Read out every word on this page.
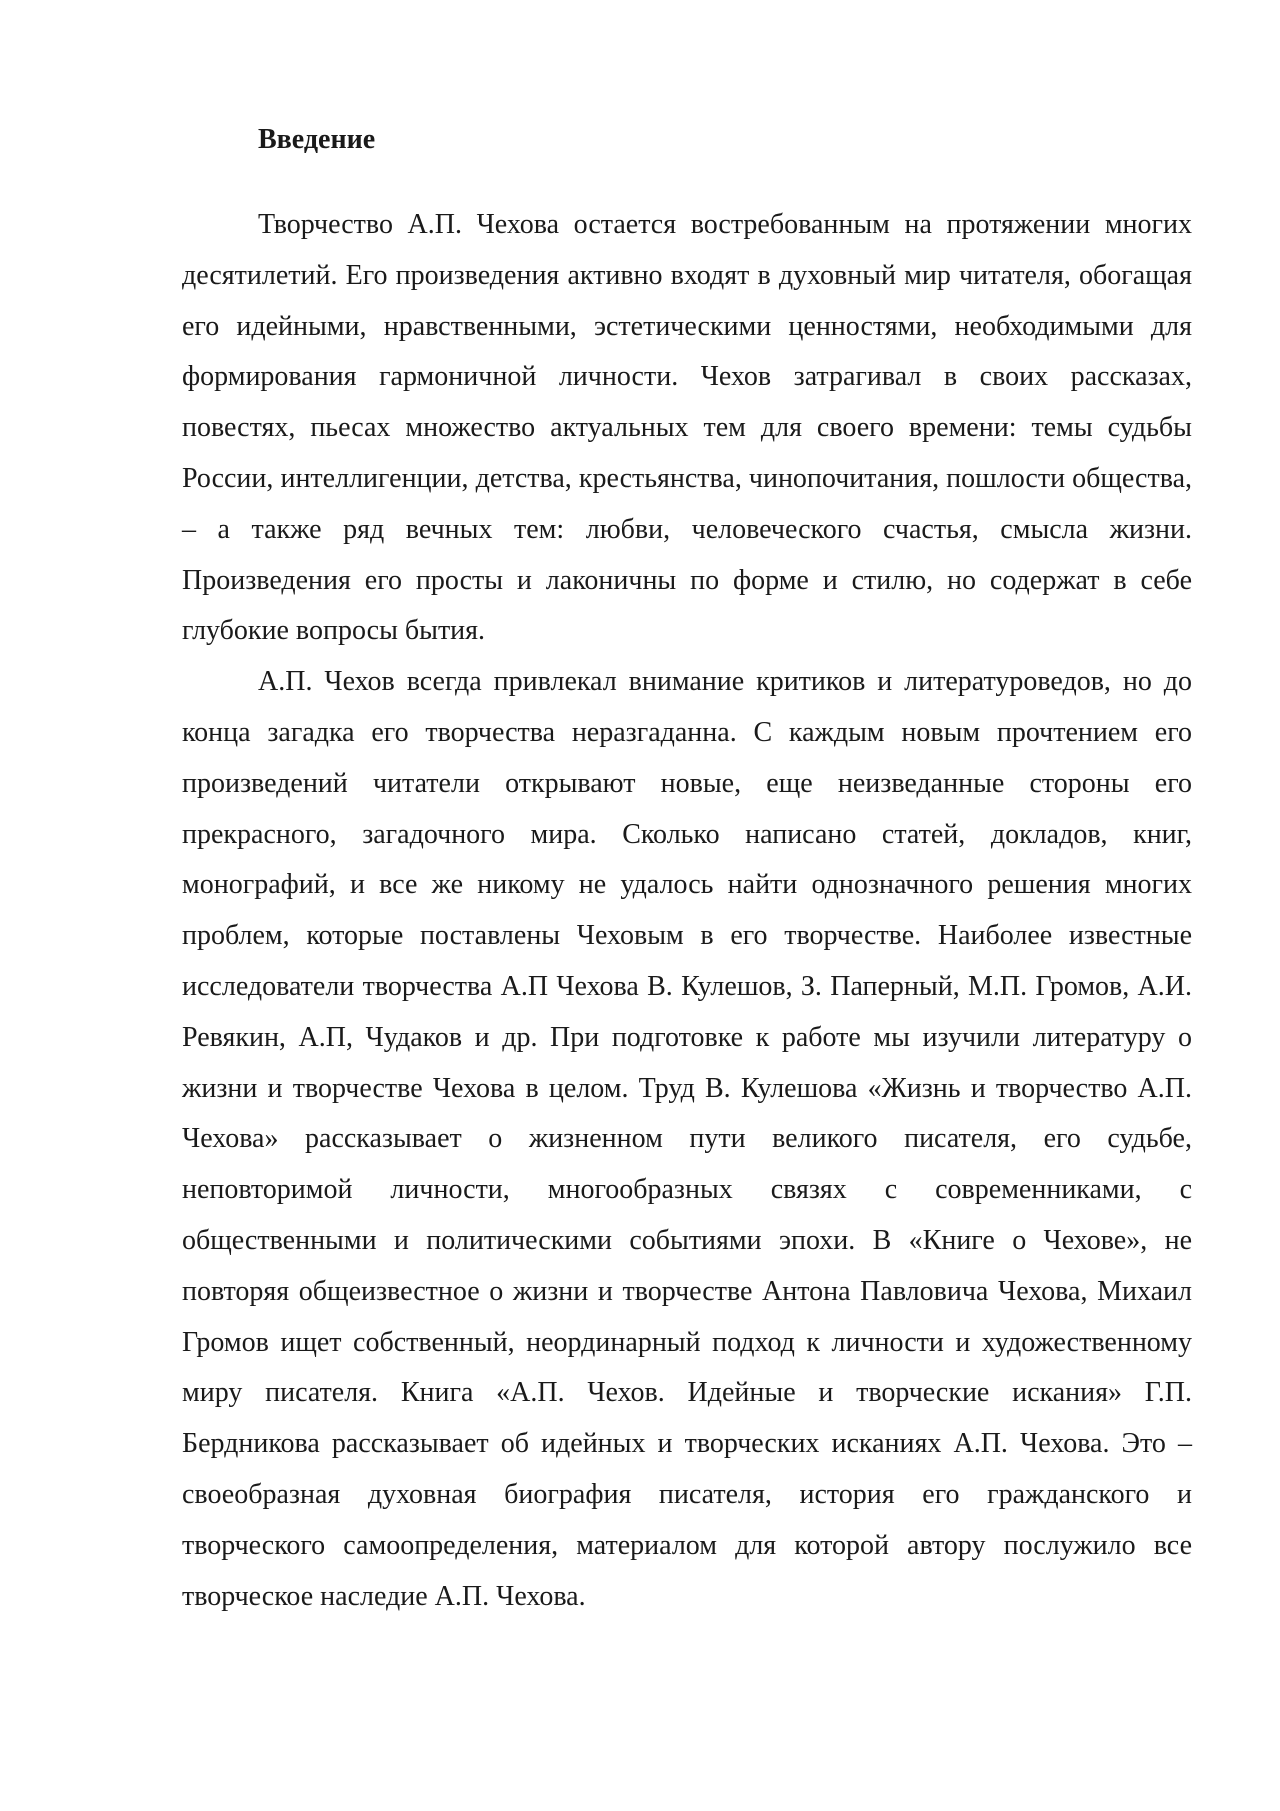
Введение

Творчество А.П. Чехова остается востребованным на протяжении многих десятилетий. Его произведения активно входят в духовный мир читателя, обогащая его идейными, нравственными, эстетическими ценностями, необходимыми для формирования гармоничной личности. Чехов затрагивал в своих рассказах, повестях, пьесах множество актуальных тем для своего времени: темы судьбы России, интеллигенции, детства, крестьянства, чинопочитания, пошлости общества, – а также ряд вечных тем: любви, человеческого счастья, смысла жизни. Произведения его просты и лаконичны по форме и стилю, но содержат в себе глубокие вопросы бытия.

А.П. Чехов всегда привлекал внимание критиков и литературоведов, но до конца загадка его творчества неразгаданна. С каждым новым прочтением его произведений читатели открывают новые, еще неизведанные стороны его прекрасного, загадочного мира. Сколько написано статей, докладов, книг, монографий, и все же никому не удалось найти однозначного решения многих проблем, которые поставлены Чеховым в его творчестве. Наиболее известные исследователи творчества А.П Чехова В. Кулешов, З. Паперный, М.П. Громов, А.И. Ревякин, А.П, Чудаков и др. При подготовке к работе мы изучили литературу о жизни и творчестве Чехова в целом. Труд В. Кулешова «Жизнь и творчество А.П. Чехова» рассказывает о жизненном пути великого писателя, его судьбе, неповторимой личности, многообразных связях с современниками, с общественными и политическими событиями эпохи. В «Книге о Чехове», не повторяя общеизвестное о жизни и творчестве Антона Павловича Чехова, Михаил Громов ищет собственный, неординарный подход к личности и художественному миру писателя. Книга «А.П. Чехов. Идейные и творческие искания» Г.П. Бердникова рассказывает об идейных и творческих исканиях А.П. Чехова. Это – своеобразная духовная биография писателя, история его гражданского и творческого самоопределения, материалом для которой автору послужило все творческое наследие А.П. Чехова.
